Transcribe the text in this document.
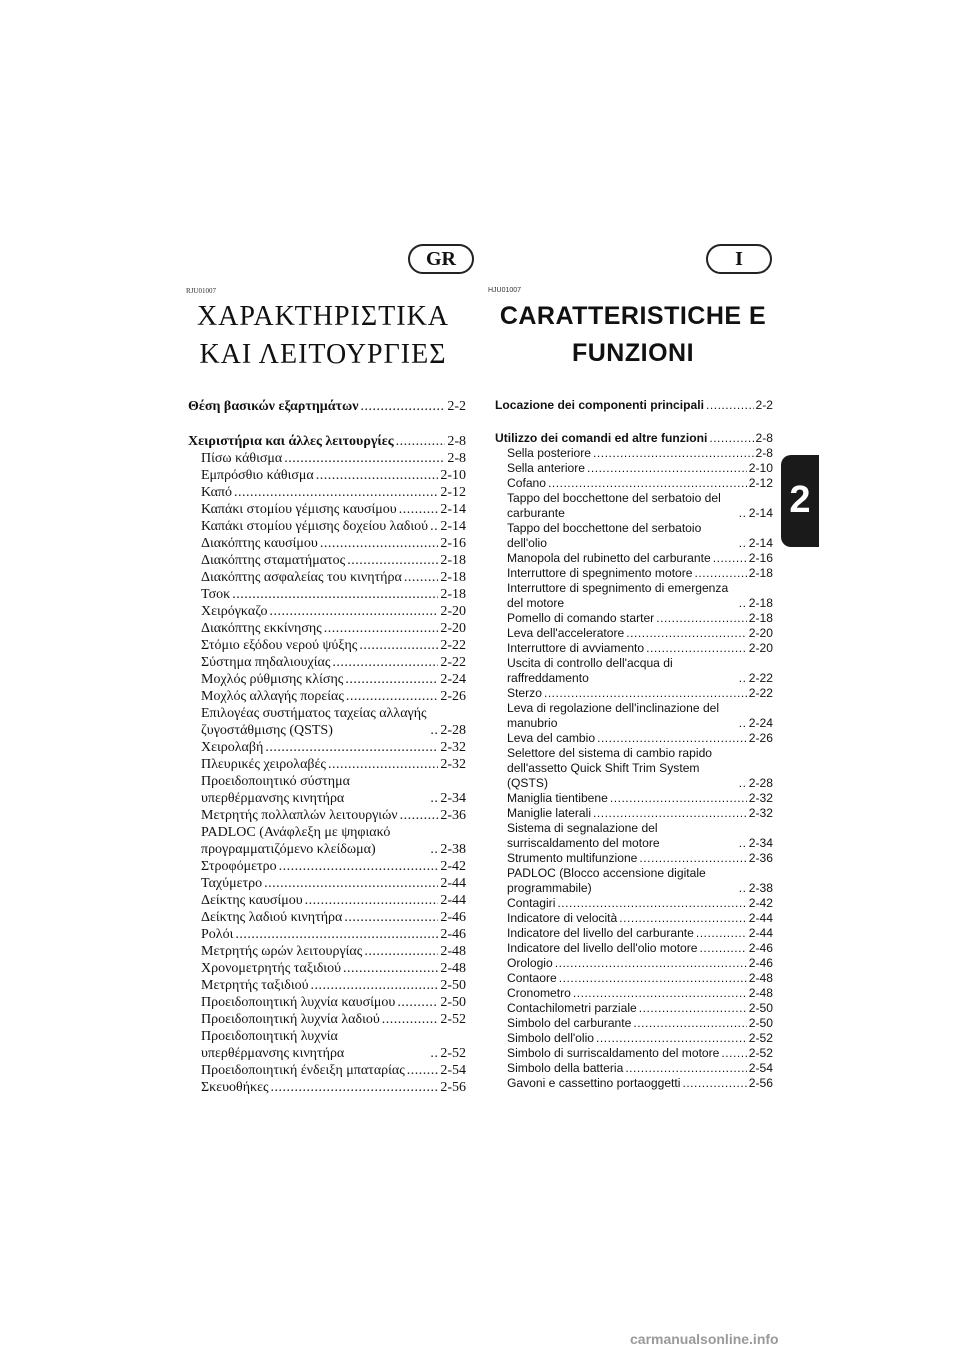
GR	I
RJU01007	HJU01007
ΧΑΡΑΚΤΗΡΙΣΤΙΚΑ
ΚΑΙ ΛΕΙΤΟΥΡΓΙΕΣ
CARATTERISTICHE E
FUNZIONI
Θέση βασικών εξαρτημάτων .....	2-2
Χειριστήρια και άλλες λειτουργίες .....	2-8
Πίσω κάθισμα .....	2-8
Εμπρόσθιο κάθισμα .....	2-10
Καπό .....	2-12
Καπάκι στομίου γέμισης καυσίμου .....	2-14
Καπάκι στομίου γέμισης δοχείου λαδιού ..... 2-14
Διακόπτης καυσίμου .....	2-16
Διακόπτης σταματήματος .....	2-18
Διακόπτης ασφαλείας του κινητήρα .....	2-18
Τσοκ .....	2-18
Χειρόγκαζο .....	2-20
Διακόπτης εκκίνησης .....	2-20
Στόμιο εξόδου νερού ψύξης .....	2-22
Σύστημα πηδαλιουχίας .....	2-22
Μοχλός ρύθμισης κλίσης .....	2-24
Μοχλός αλλαγής πορείας .....	2-26
Επιλογέας συστήματος ταχείας αλλαγής ζυγοστάθμισης (QSTS) .....	2-28
Χειρολαβή .....	2-32
Πλευρικές χειρολαβές .....	2-32
Προειδοποιητικό σύστημα υπερθέρμανσης κινητήρα .....	2-34
Μετρητής πολλαπλών λειτουργιών .....	2-36
PADLOC (Ανάφλεξη με ψηφιακό προγραμματιζόμενο κλείδωμα) .....	2-38
Στροφόμετρο .....	2-42
Ταχύμετρο .....	2-44
Δείκτης καυσίμου .....	2-44
Δείκτης λαδιού κινητήρα .....	2-46
Ρολόι .....	2-46
Μετρητής ωρών λειτουργίας .....	2-48
Χρονομετρητής ταξιδιού .....	2-48
Μετρητής ταξιδιού .....	2-50
Προειδοποιητική λυχνία καυσίμου .....	2-50
Προειδοποιητική λυχνία λαδιού .....	2-52
Προειδοποιητική λυχνία υπερθέρμανσης κινητήρα .....	2-52
Προειδοποιητική ένδειξη μπαταρίας .....	2-54
Σκευοθήκες .....	2-56
Locazione dei componenti principali .....	2-2
Utilizzo dei comandi ed altre funzioni .....	2-8
Sella posteriore .....	2-8
Sella anteriore .....	2-10
Cofano .....	2-12
Tappo del bocchettone del serbatoio del carburante .....	2-14
Tappo del bocchettone del serbatoio dell'olio .....	2-14
Manopola del rubinetto del carburante .....	2-16
Interruttore di spegnimento motore .....	2-18
Interruttore di spegnimento di emergenza del motore .....	2-18
Pomello di comando starter .....	2-18
Leva dell'acceleratore .....	2-20
Interruttore di avviamento .....	2-20
Uscita di controllo dell'acqua di raffreddamento .....	2-22
Sterzo .....	2-22
Leva di regolazione dell'inclinazione del manubrio .....	2-24
Leva del cambio .....	2-26
Selettore del sistema di cambio rapido dell'assetto Quick Shift Trim System (QSTS) .....	2-28
Maniglia tientibene .....	2-32
Maniglie laterali .....	2-32
Sistema di segnalazione del surriscaldamento del motore .....	2-34
Strumento multifunzione .....	2-36
PADLOC (Blocco accensione digitale programmabile) .....	2-38
Contagiri .....	2-42
Indicatore di velocità .....	2-44
Indicatore del livello del carburante .....	2-44
Indicatore del livello dell'olio motore .....	2-46
Orologio .....	2-46
Contaore .....	2-48
Cronometro .....	2-48
Contachilometri parziale .....	2-50
Simbolo del carburante .....	2-50
Simbolo dell'olio .....	2-52
Simbolo di surriscaldamento del motore ..... 2-52
Simbolo della batteria .....	2-54
Gavoni e cassettino portaoggetti .....	2-56
2
carmanualsonline.info
